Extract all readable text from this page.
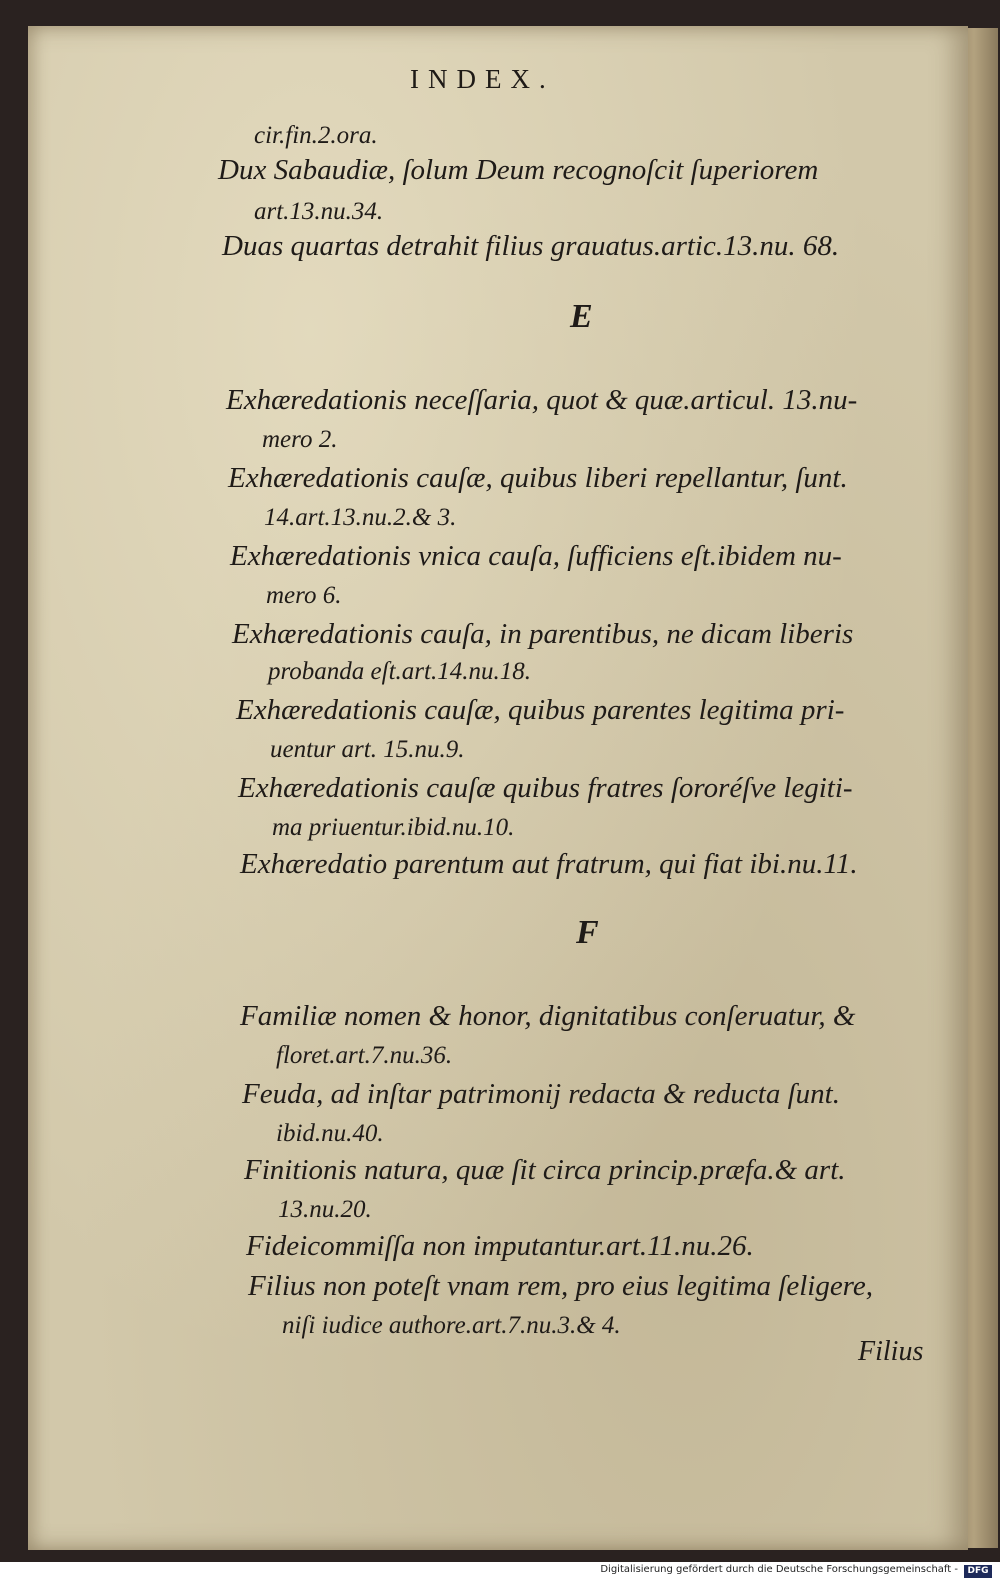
INDEX.
cir.fin.2.ora.
Dux Sabaudiæ, ſolum Deum recognoſcit ſuperiorem
art.13.nu.34.
Duas quartas detrahit filius grauatus.artic.13.nu. 68.
E
Exhæredationis neceſſaria, quot & quæ.articul. 13.nu-
mero 2.
Exhæredationis cauſæ, quibus liberi repellantur, ſunt.
14.art.13.nu.2.& 3.
Exhæredationis vnica cauſa, ſufficiens eſt.ibidem nu-
mero 6.
Exhæredationis cauſa, in parentibus, ne dicam liberis
probanda eſt.art.14.nu.18.
Exhæredationis cauſæ, quibus parentes legitima pri-
uentur art. 15.nu.9.
Exhæredationis cauſæ quibus fratres ſororéſve legiti-
ma priuentur.ibid.nu.10.
Exhæredatio parentum aut fratrum, qui fiat ibi.nu.11.
F
Familiæ nomen & honor, dignitatibus conſeruatur, &
floret.art.7.nu.36.
Feuda, ad inſtar patrimonij redacta & reducta ſunt.
ibid.nu.40.
Finitionis natura, quæ ſit circa princip.præfa.& art.
13.nu.20.
Fideicommiſſa non imputantur.art.11.nu.26.
Filius non poteſt vnam rem, pro eius legitima ſeligere,
niſi iudice authore.art.7.nu.3.& 4.
Filius
Digitalisierung gefördert durch die Deutsche Forschungsgemeinschaft -	DFG
